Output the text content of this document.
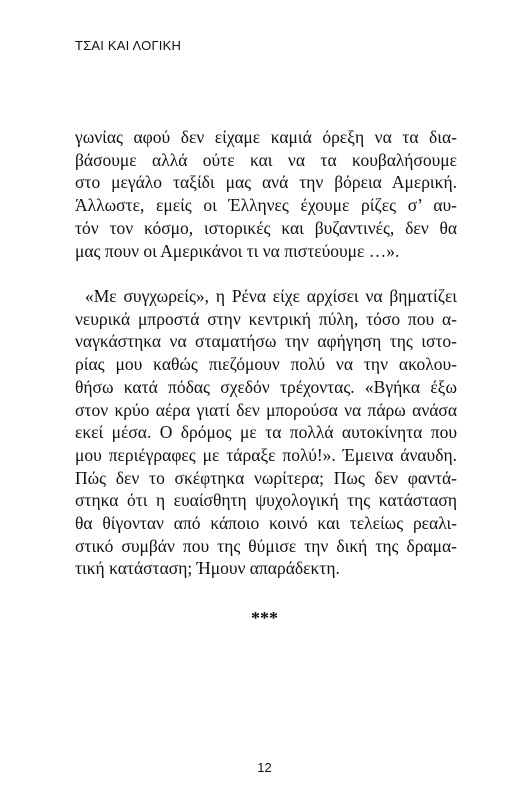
ΤΣΑΙ ΚΑΙ ΛΟΓΙΚΗ
γωνίας αφού δεν είχαμε καμιά όρεξη να τα δια-
βάσουμε αλλά ούτε και να τα κουβαλήσουμε
στο μεγάλο ταξίδι μας ανά την βόρεια Αμερική.
Άλλωστε, εμείς οι Έλληνες έχουμε ρίζες σ’ αυ-
τόν τον κόσμο, ιστορικές και βυζαντινές, δεν θα
μας πουν οι Αμερικάνοι τι να πιστεύουμε …».
«Με συγχωρείς», η Ρένα είχε αρχίσει να βηματίζει
νευρικά μπροστά στην κεντρική πύλη, τόσο που α-
ναγκάστηκα να σταματήσω την αφήγηση της ιστο-
ρίας μου καθώς πιεζόμουν πολύ να την ακολου-
θήσω κατά πόδας σχεδόν τρέχοντας. «Βγήκα έξω
στον κρύο αέρα γιατί δεν μπορούσα να πάρω ανάσα
εκεί μέσα. Ο δρόμος με τα πολλά αυτοκίνητα που
μου περιέγραφες με τάραξε πολύ!». Έμεινα άναυδη.
Πώς δεν το σκέφτηκα νωρίτερα; Πως δεν φαντά-
στηκα ότι η ευαίσθητη ψυχολογική της κατάσταση
θα θίγονταν από κάποιο κοινό και τελείως ρεαλι-
στικό συμβάν που της θύμισε την δική της δραμα-
τική κατάσταση; Ήμουν απαράδεκτη.
***
12
